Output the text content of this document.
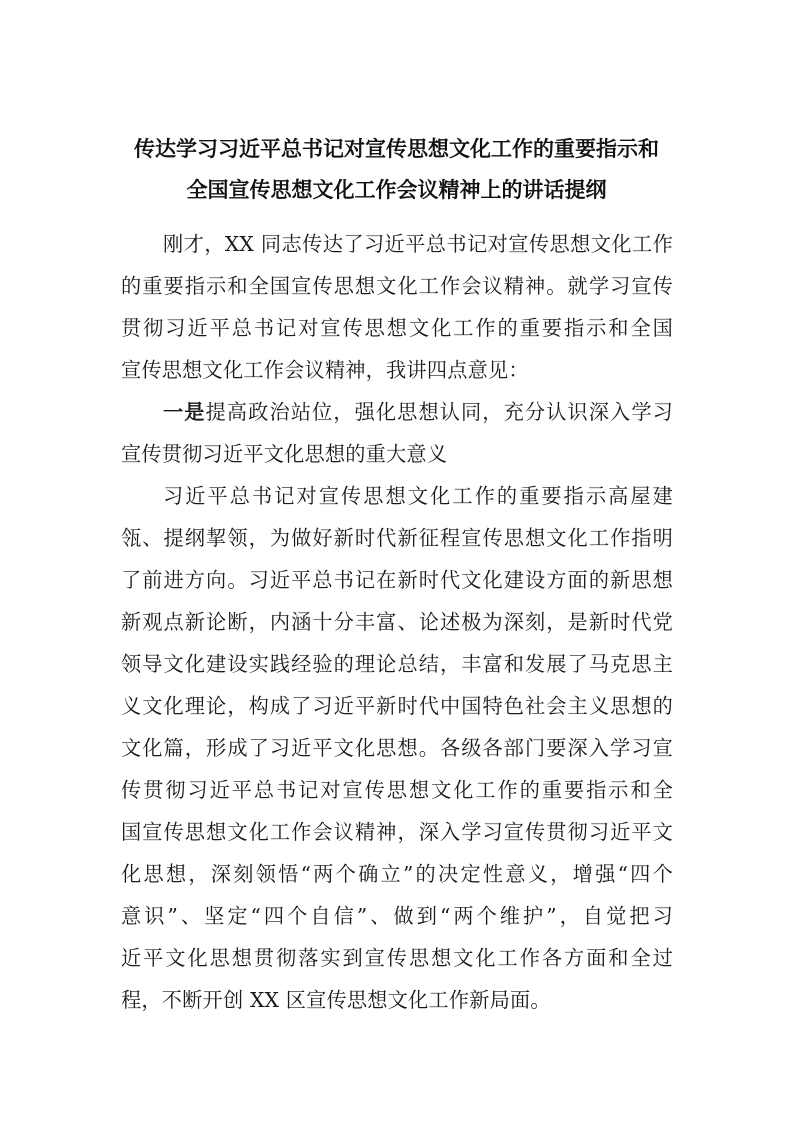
传达学习习近平总书记对宣传思想文化工作的重要指示和
全国宣传思想文化工作会议精神上的讲话提纲
刚才，XX 同志传达了习近平总书记对宣传思想文化工作
的重要指示和全国宣传思想文化工作会议精神。就学习宣传
贯彻习近平总书记对宣传思想文化工作的重要指示和全国
宣传思想文化工作会议精神，我讲四点意见：
一是提高政治站位，强化思想认同，充分认识深入学习
宣传贯彻习近平文化思想的重大意义
习近平总书记对宣传思想文化工作的重要指示高屋建
瓴、提纲挈领，为做好新时代新征程宣传思想文化工作指明
了前进方向。习近平总书记在新时代文化建设方面的新思想
新观点新论断，内涵十分丰富、论述极为深刻，是新时代党
领导文化建设实践经验的理论总结，丰富和发展了马克思主
义文化理论，构成了习近平新时代中国特色社会主义思想的
文化篇，形成了习近平文化思想。各级各部门要深入学习宣
传贯彻习近平总书记对宣传思想文化工作的重要指示和全
国宣传思想文化工作会议精神，深入学习宣传贯彻习近平文
化思想，深刻领悟“两个确立”的决定性意义，增强“四个
意识”、坚定“四个自信”、做到“两个维护”，自觉把习
近平文化思想贯彻落实到宣传思想文化工作各方面和全过
程，不断开创 XX 区宣传思想文化工作新局面。
